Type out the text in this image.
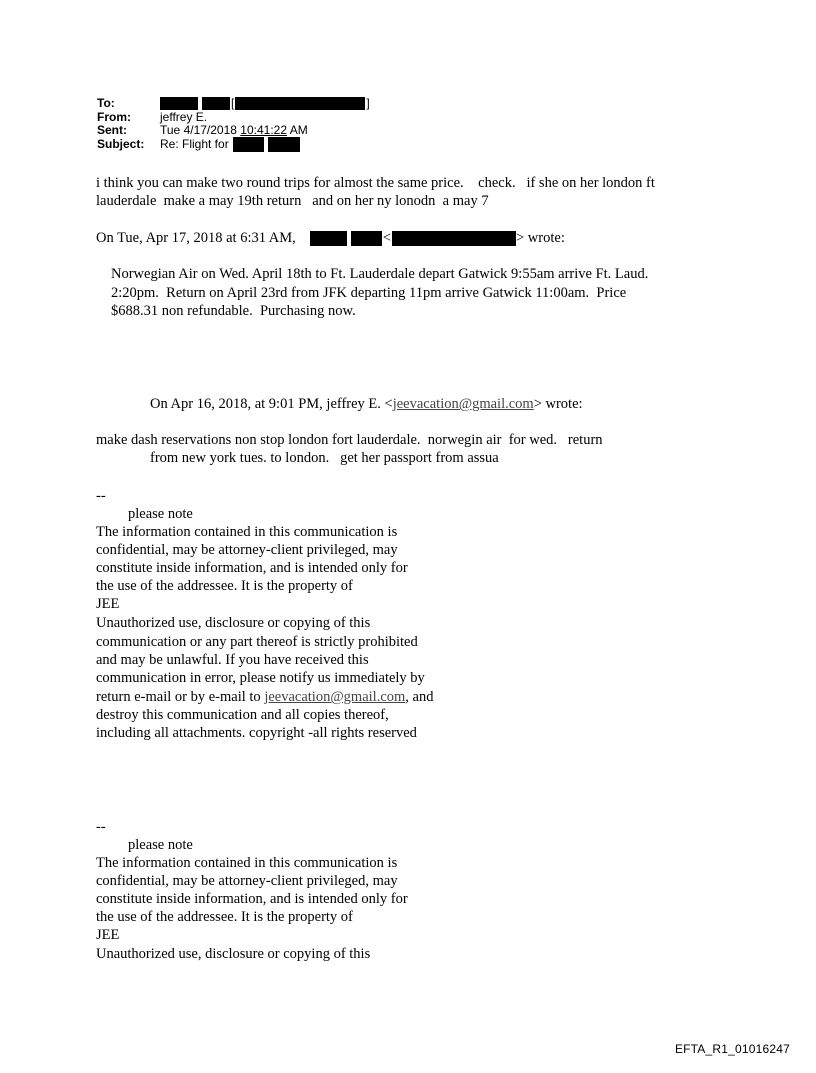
To:	[	]
From:	jeffrey E.
Sent:	Tue 4/17/2018 10:41:22 AM
Subject:	Re: Flight for
i think you can make two round trips for almost the same price.    check.   if she on her london ft
lauderdale  make a may 19th return   and on her ny lonodn  a may 7
On Tue, Apr 17, 2018 at 6:31 AM,	<	> wrote:
Norwegian Air on Wed. April 18th to Ft. Lauderdale depart Gatwick 9:55am arrive Ft. Laud.
2:20pm.  Return on April 23rd from JFK departing 11pm arrive Gatwick 11:00am.  Price
$688.31 non refundable.  Purchasing now.
On Apr 16, 2018, at 9:01 PM, jeffrey E. <jeevacation@gmail.com> wrote:
make dash reservations non stop london fort lauderdale.  norwegin air  for wed.   return
from new york tues. to london.   get her passport from assua
--
please note
The information contained in this communication is
confidential, may be attorney-client privileged, may
constitute inside information, and is intended only for
the use of the addressee. It is the property of
JEE
Unauthorized use, disclosure or copying of this
communication or any part thereof is strictly prohibited
and may be unlawful. If you have received this
communication in error, please notify us immediately by
return e-mail or by e-mail to jeevacation@gmail.com, and
destroy this communication and all copies thereof,
including all attachments. copyright -all rights reserved
--
please note
The information contained in this communication is
confidential, may be attorney-client privileged, may
constitute inside information, and is intended only for
the use of the addressee. It is the property of
JEE
Unauthorized use, disclosure or copying of this
EFTA_R1_01016247
